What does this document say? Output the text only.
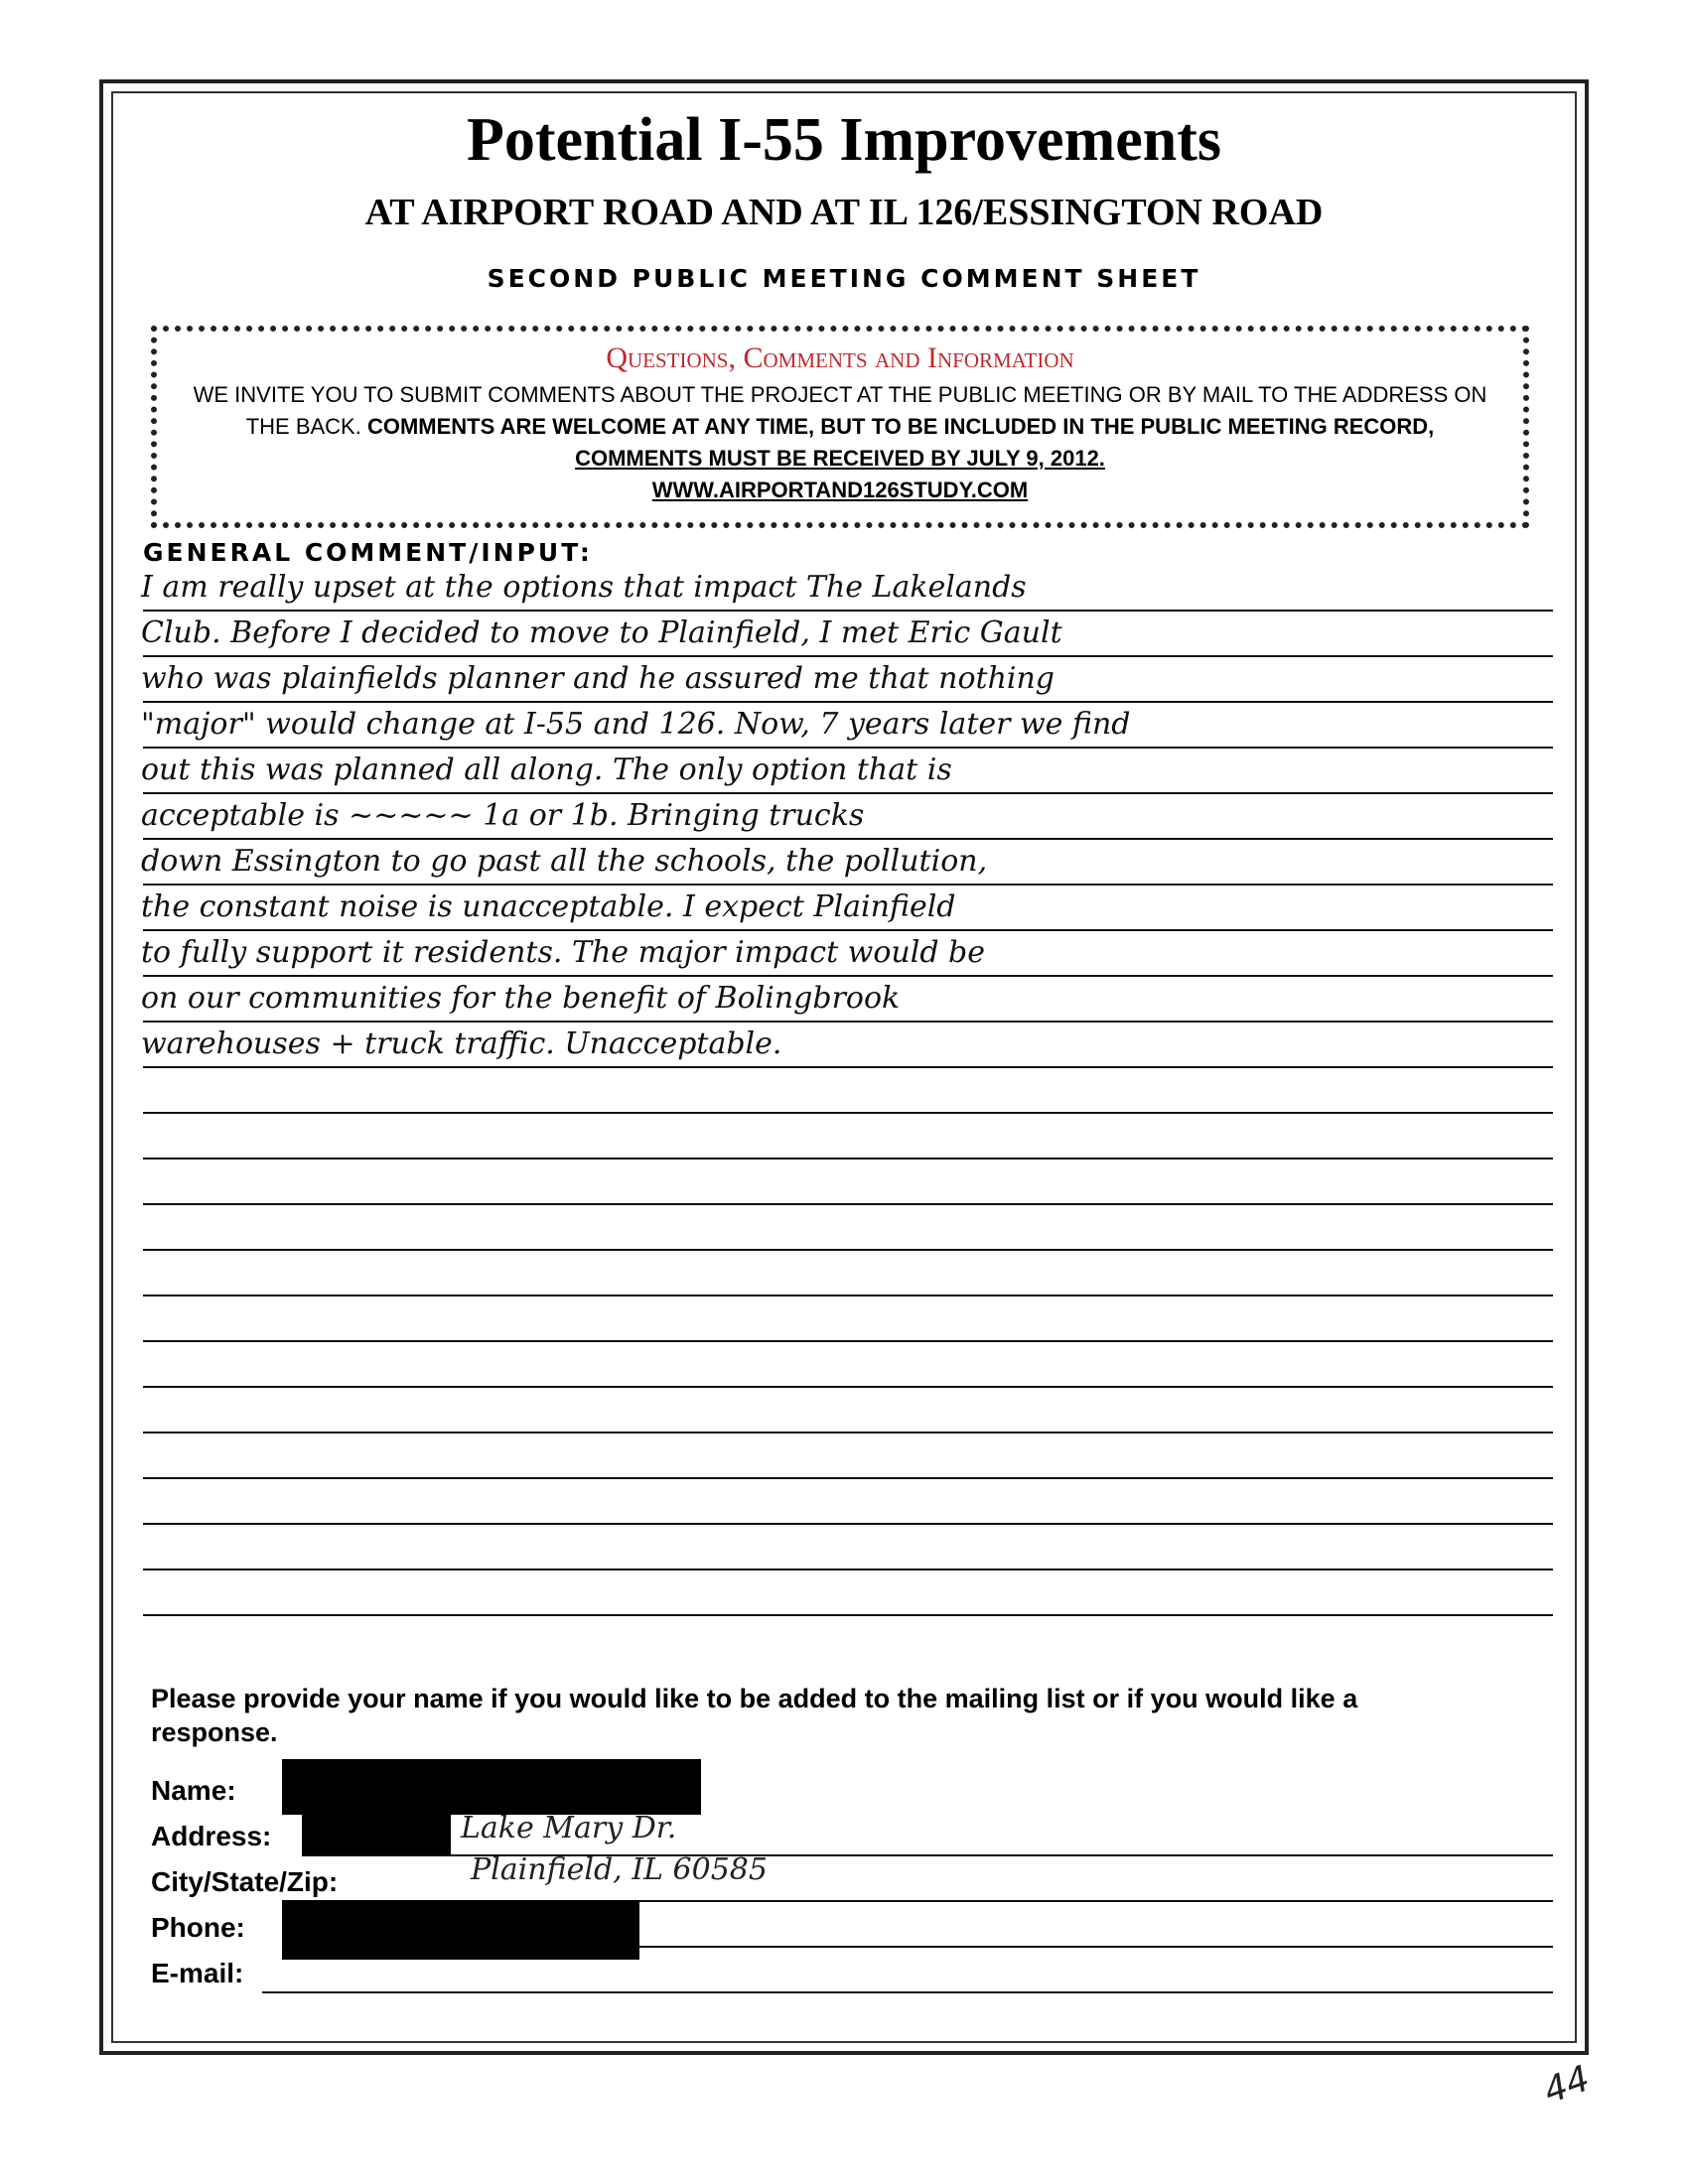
Potential I-55 Improvements
AT AIRPORT ROAD AND AT IL 126/ESSINGTON ROAD
SECOND PUBLIC MEETING COMMENT SHEET
Questions, Comments and Information
WE INVITE YOU TO SUBMIT COMMENTS ABOUT THE PROJECT AT THE PUBLIC MEETING OR BY MAIL TO THE ADDRESS ON THE BACK. COMMENTS ARE WELCOME AT ANY TIME, BUT TO BE INCLUDED IN THE PUBLIC MEETING RECORD, COMMENTS MUST BE RECEIVED BY JULY 9, 2012.
WWW.AIRPORTAND126STUDY.COM
GENERAL COMMENT/INPUT:
I am really upset at the options that impact The Lakelands
Club. Before I decided to move to Plainfield, I met Eric Gault
who was plainfields planner and he assured me that nothing
"major" would change at I-55 and 126. Now, 7 years later we find
out this was planned all along. The only option that is
acceptable is ~~~~~ 1a or 1b. Bringing trucks
down Essington to go past all the schools, the pollution,
the constant noise is unacceptable. I expect Plainfield
to fully support it residents. The major impact would be
on our communities for the benefit of Bolingbrook
warehouses + truck traffic. Unacceptable.
Please provide your name if you would like to be added to the mailing list or if you would like a response.
Name:
Address:	Lake Mary Dr.
City/State/Zip:	Plainfield, IL 60585
Phone:
E-mail:
44
